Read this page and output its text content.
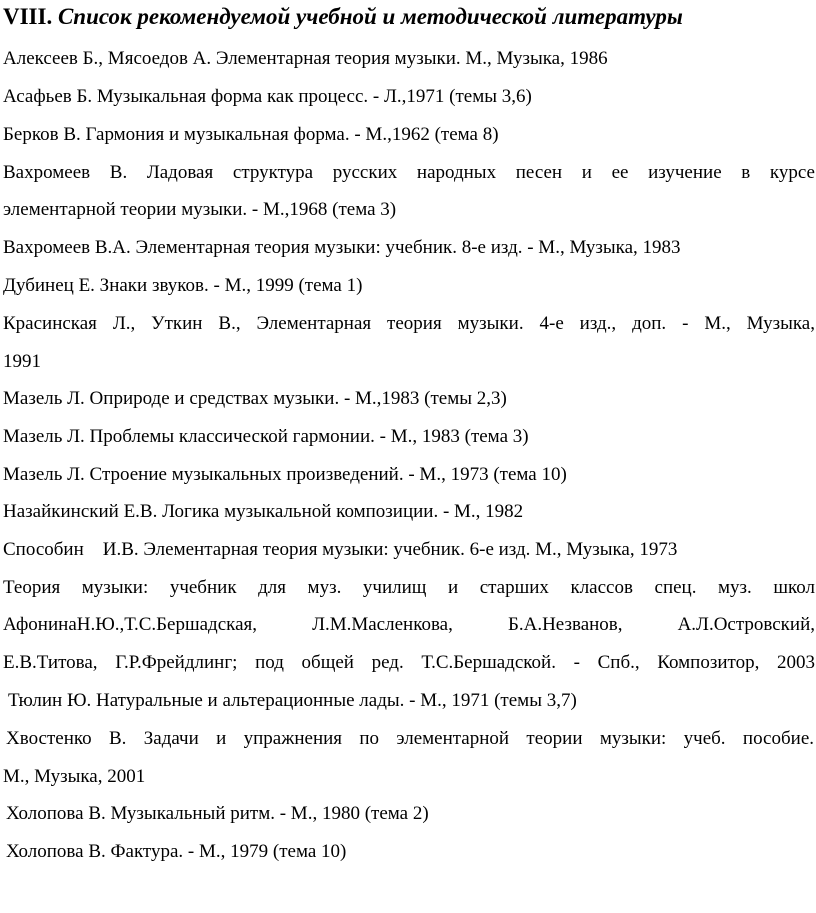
VIII. Список рекомендуемой учебной и методической литературы
Алексеев Б., Мясоедов А. Элементарная теория музыки. М., Музыка, 1986
Асафьев Б. Музыкальная форма как процесс. - Л.,1971 (темы 3,6)
Берков В. Гармония и музыкальная форма. - М.,1962 (тема 8)
Вахромеев В. Ладовая структура русских народных песен и ее изучение в курсе
элементарной теории музыки. - М.,1968 (тема 3)
Вахромеев В.А. Элементарная теория музыки: учебник. 8-е изд. - М., Музыка, 1983
Дубинец Е. Знаки звуков. - М., 1999 (тема 1)
Красинская Л., Уткин В., Элементарная теория музыки. 4-е изд., доп. - М., Музыка,
1991
Мазель Л. Оприроде и средствах музыки. - М.,1983 (темы 2,3)
Мазель Л. Проблемы классической гармонии. - М., 1983 (тема 3)
Мазель Л. Строение музыкальных произведений. - М., 1973 (тема 10)
Назайкинский Е.В. Логика музыкальной композиции. - М., 1982
Способин    И.В. Элементарная теория музыки: учебник. 6-е изд. М., Музыка, 1973
Теория музыки: учебник для муз. училищ и старших классов спец. муз. школ
АфонинаН.Ю.,Т.С.Бершадская, Л.М.Масленкова, Б.А.Незванов, А.Л.Островский,
Е.В.Титова, Г.Р.Фрейдлинг; под общей ред. Т.С.Бершадской. - Спб., Композитор, 2003
Тюлин Ю. Натуральные и альтерационные лады. - М., 1971 (темы 3,7)
Хвостенко В. Задачи и упражнения по элементарной теории музыки: учеб. пособие.
М., Музыка, 2001
Холопова В. Музыкальный ритм. - М., 1980 (тема 2)
Холопова В. Фактура. - М., 1979 (тема 10)
